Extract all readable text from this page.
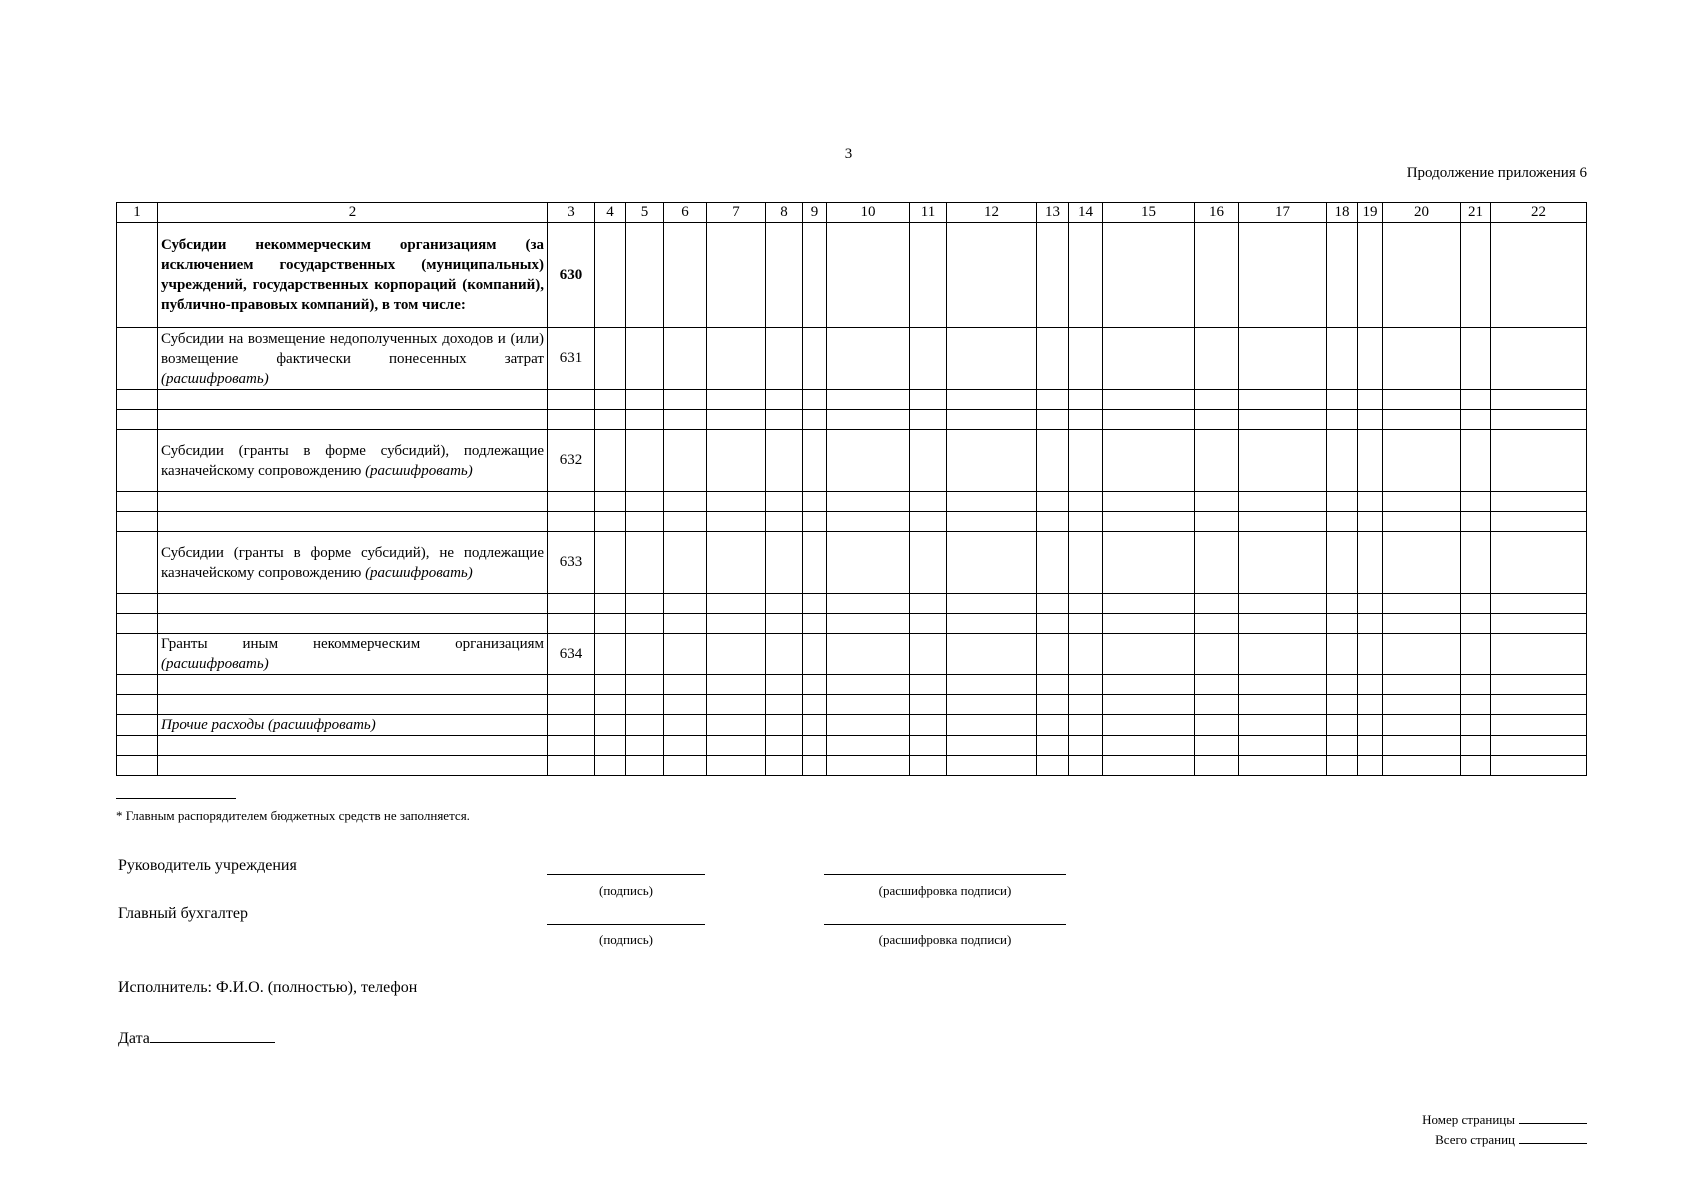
3
Продолжение приложения 6
1	2	3	4	5	6	7	8	9	10	11	12	13	14	15	16	17	18	19	20	21	22
	Субсидии некоммерческим организациям (за исключением государственных (муниципальных) учреждений, государственных корпораций (компаний), публично-правовых компаний), в том числе:	630																			
	Субсидии на возмещение недополученных доходов и (или) возмещение фактически понесенных затрат (расшифровать)	631																			

	Субсидии (гранты в форме субсидий), подлежащие казначейскому сопровождению (расшифровать)	632																			

	Субсидии (гранты в форме субсидий), не подлежащие казначейскому сопровождению (расшифровать)	633																			

	Гранты иным некоммерческим организациям (расшифровать)	634																			

	Прочие расходы (расшифровать)																				

* Главным распорядителем бюджетных средств не заполняется.
Руководитель учреждения
(подпись)	(расшифровка подписи)
Главный бухгалтер
(подпись)	(расшифровка подписи)
Исполнитель: Ф.И.О. (полностью), телефон
Дата
Номер страницы
Всего страниц
